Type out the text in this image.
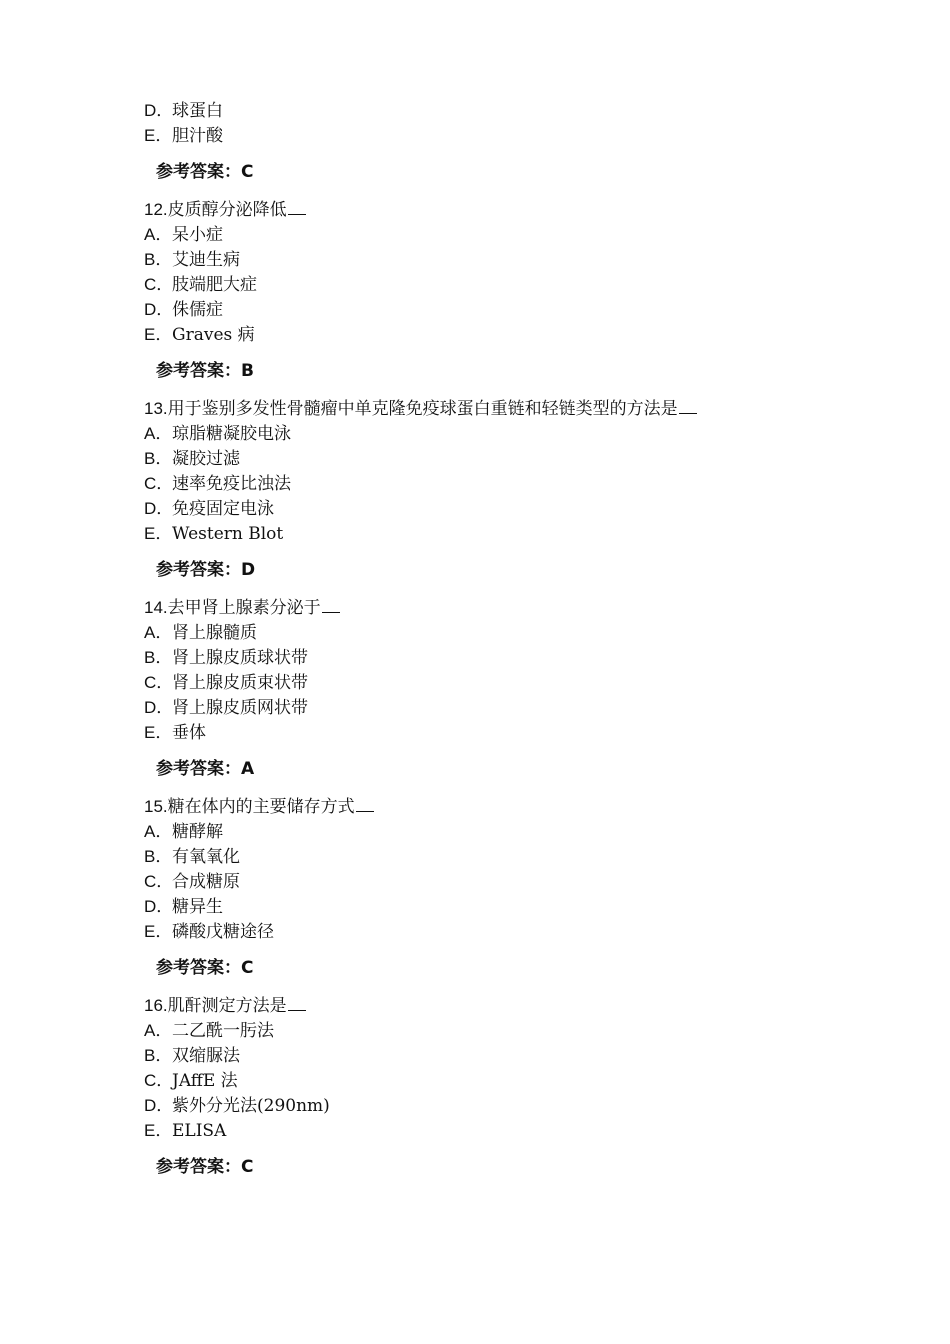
D．球蛋白
E．胆汁酸
参考答案：C
12.皮质醇分泌降低
A．呆小症
B．艾迪生病
C．肢端肥大症
D．侏儒症
E．Graves 病
参考答案：B
13.用于鉴别多发性骨髓瘤中单克隆免疫球蛋白重链和轻链类型的方法是
A．琼脂糖凝胶电泳
B．凝胶过滤
C．速率免疫比浊法
D．免疫固定电泳
E．Western Blot
参考答案：D
14.去甲肾上腺素分泌于
A．肾上腺髓质
B．肾上腺皮质球状带
C．肾上腺皮质束状带
D．肾上腺皮质网状带
E．垂体
参考答案：A
15.糖在体内的主要储存方式
A．糖酵解
B．有氧氧化
C．合成糖原
D．糖异生
E．磷酸戊糖途径
参考答案：C
16.肌酐测定方法是
A．二乙酰一肟法
B．双缩脲法
C．JAffE 法
D．紫外分光法(290nm)
E．ELISA
参考答案：C
